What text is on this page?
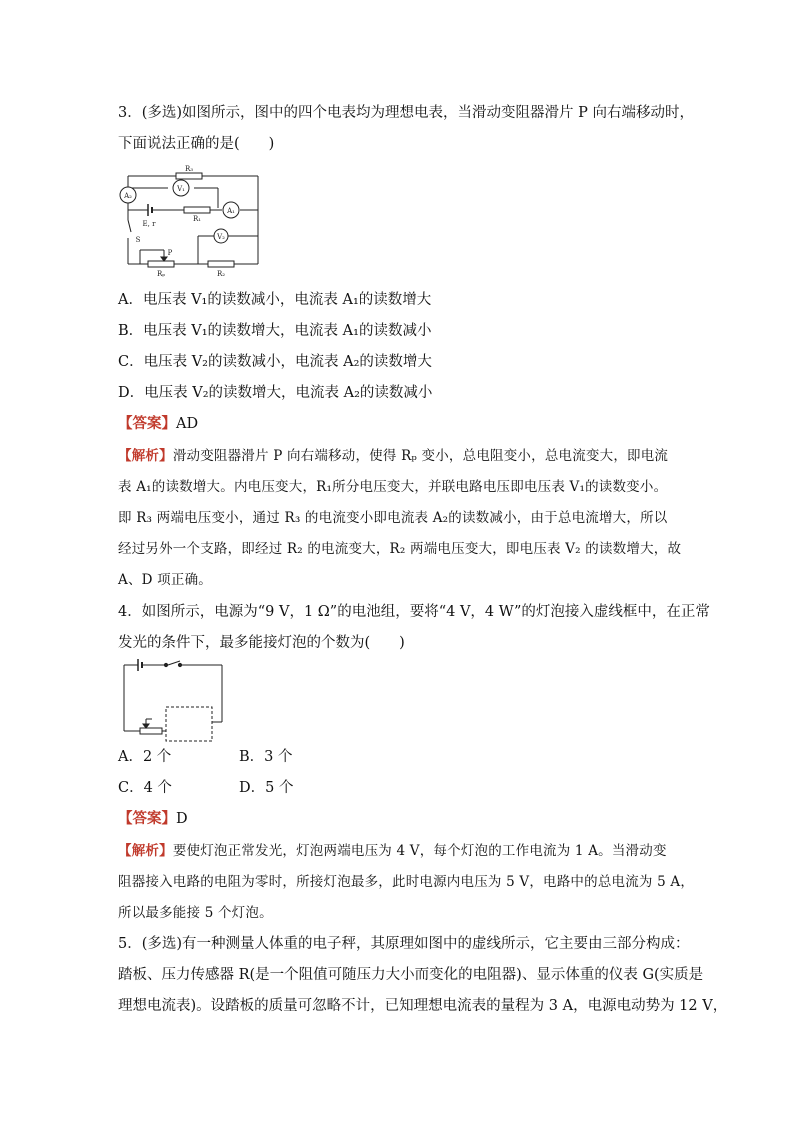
3．(多选)如图所示，图中的四个电表均为理想电表，当滑动变阻器滑片 P 向右端移动时，
下面说法正确的是(　　)
A₂
V₁
A₁
V₂
R₃
R₁
E, r
S
P
Rₚ	R₂
A．电压表 V₁的读数减小，电流表 A₁的读数增大
B．电压表 V₁的读数增大，电流表 A₁的读数减小
C．电压表 V₂的读数减小，电流表 A₂的读数增大
D．电压表 V₂的读数增大，电流表 A₂的读数减小
【答案】AD
【解析】滑动变阻器滑片 P 向右端移动，使得 Rₚ 变小，总电阻变小，总电流变大，即电流
表 A₁的读数增大。内电压变大，R₁所分电压变大，并联电路电压即电压表 V₁的读数变小。
即 R₃ 两端电压变小，通过 R₃ 的电流变小即电流表 A₂的读数减小，由于总电流增大，所以
经过另外一个支路，即经过 R₂ 的电流变大，R₂ 两端电压变大，即电压表 V₂ 的读数增大，故
A、D 项正确。
4．如图所示，电源为“9 V，1 Ω”的电池组，要将“4 V，4 W”的灯泡接入虚线框中，在正常
发光的条件下，最多能接灯泡的个数为(　　)
A．2 个	B．3 个
C．4 个	D．5 个
【答案】D
【解析】要使灯泡正常发光，灯泡两端电压为 4 V，每个灯泡的工作电流为 1 A。当滑动变
阻器接入电路的电阻为零时，所接灯泡最多，此时电源内电压为 5 V，电路中的总电流为 5 A，
所以最多能接 5 个灯泡。
5．(多选)有一种测量人体重的电子秤，其原理如图中的虚线所示，它主要由三部分构成：
踏板、压力传感器 R(是一个阻值可随压力大小而变化的电阻器)、显示体重的仪表 G(实质是
理想电流表)。设踏板的质量可忽略不计，已知理想电流表的量程为 3 A，电源电动势为 12 V，
